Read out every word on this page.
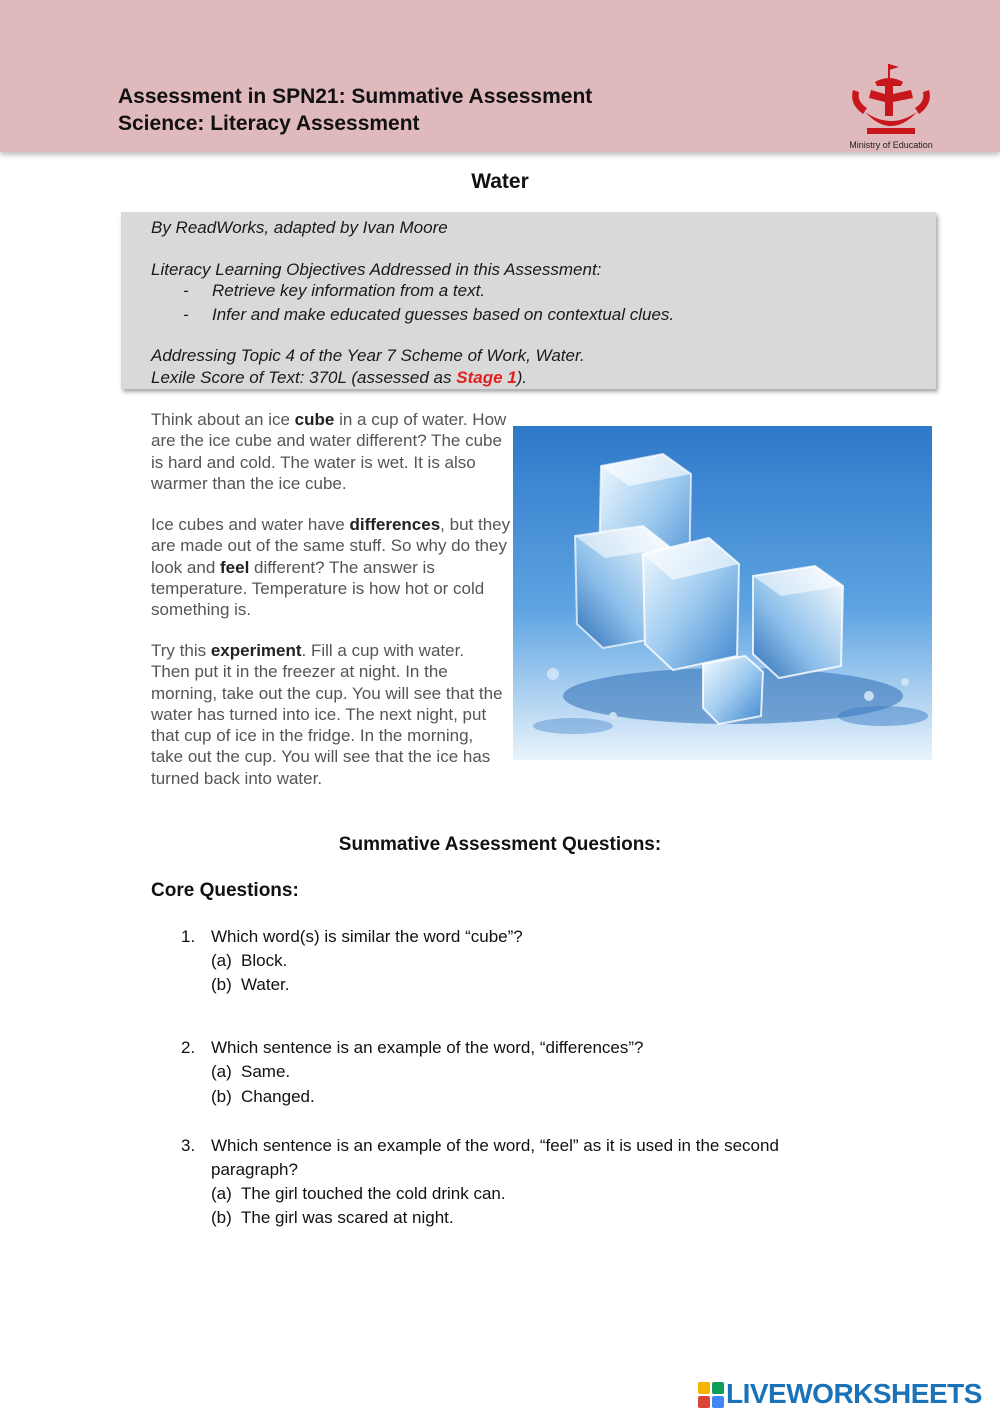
Assessment in SPN21: Summative Assessment
Science: Literacy Assessment
Ministry of Education
Water
By ReadWorks, adapted by Ivan Moore
Literacy Learning Objectives Addressed in this Assessment:
- Retrieve key information from a text.
- Infer and make educated guesses based on contextual clues.
Addressing Topic 4 of the Year 7 Scheme of Work, Water.
Lexile Score of Text: 370L (assessed as Stage 1).
Think about an ice cube in a cup of water. How are the ice cube and water different? The cube is hard and cold. The water is wet. It is also warmer than the ice cube.
Ice cubes and water have differences, but they are made out of the same stuff. So why do they look and feel different? The answer is temperature. Temperature is how hot or cold something is.
Try this experiment. Fill a cup with water. Then put it in the freezer at night. In the morning, take out the cup. You will see that the water has turned into ice. The next night, put that cup of ice in the fridge. In the morning, take out the cup. You will see that the ice has turned back into water.
Summative Assessment Questions:
Core Questions:
1. Which word(s) is similar the word “cube”?
(a) Block.
(b) Water.
2. Which sentence is an example of the word, “differences”?
(a) Same.
(b) Changed.
3. Which sentence is an example of the word, “feel” as it is used in the second
paragraph?
(a) The girl touched the cold drink can.
(b) The girl was scared at night.
LIVEWORKSHEETS
